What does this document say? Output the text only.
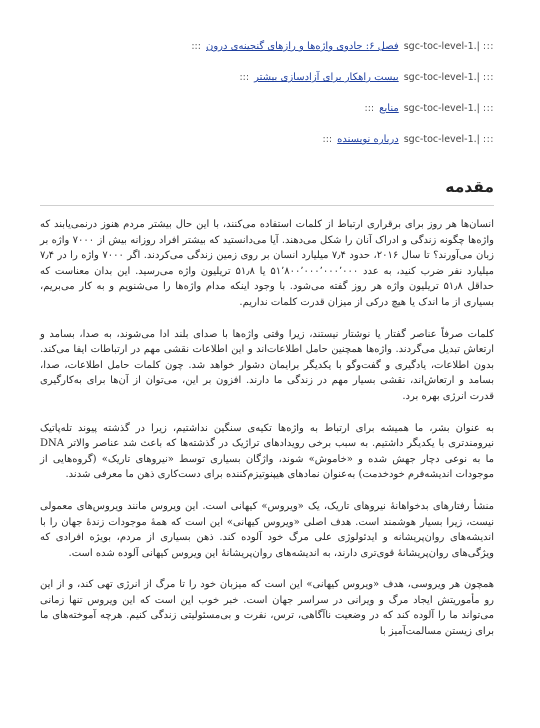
::: |.sgc-toc-level-1 فصل ۶: جادوی واژه‌ها و رازهای گنجینه‌ی درون :::
::: |.sgc-toc-level-1 بیست راهکار برای آزادسازی بیشتر :::
::: |.sgc-toc-level-1 منابع :::
::: |.sgc-toc-level-1 درباره نویسنده :::
مقدمه

انسان‌ها هر روز برای برقراری ارتباط از کلمات استفاده می‌کنند، با این حال بیشتر مردم هنوز درنمی‌یابند که واژه‌ها چگونه زندگی و ادراک آنان را شکل می‌دهند. آیا می‌دانستید که بیشتر افراد روزانه بیش از ۷۰۰۰ واژه بر زبان می‌آورند؟ تا سال ۲۰۱۶، حدود ۷٫۴ میلیارد انسان بر روی زمین زندگی می‌کردند. اگر ۷۰۰۰ واژه را در ۷٫۴ میلیارد نفر ضرب کنید، به عدد ۵۱٬۸۰۰٬۰۰۰٬۰۰۰٬۰۰۰ یا ۵۱٫۸ تریلیون واژه می‌رسید. این بدان معناست که حداقل ۵۱٫۸ تریلیون واژه هر روز گفته می‌شود. با وجود اینکه مدام واژه‌ها را می‌شنویم و به کار می‌بریم، بسیاری از ما اندک یا هیچ درکی از میزان قدرت کلمات نداریم.

کلمات صرفاً عناصر گفتار یا نوشتار نیستند، زیرا وقتی واژه‌ها با صدای بلند ادا می‌شوند، به صدا، بسامد و ارتعاش تبدیل می‌گردند. واژه‌ها همچنین حامل اطلاعات‌اند و این اطلاعات نقشی مهم در ارتباطات ایفا می‌کند. بدون اطلاعات، یادگیری و گفت‌وگو با یکدیگر برایمان دشوار خواهد شد. چون کلمات حامل اطلاعات، صدا، بسامد و ارتعاش‌اند، نقشی بسیار مهم در زندگی ما دارند. افزون بر این، می‌توان از آن‌ها برای به‌کارگیری قدرت انرژی بهره برد.

به عنوان بشر، ما همیشه برای ارتباط به واژه‌ها تکیه‌ی سنگین نداشتیم، زیرا در گذشته پیوند تله‌پاتیک نیرومندتری با یکدیگر داشتیم. به سبب برخی رویدادهای تراژیک در گذشته‌ها که باعث شد عناصر والاتر DNA ما به نوعی دچار جهش شده و «خاموش» شوند، واژگان بسیاری توسط «نیروهای تاریک» (گروه‌هایی از موجودات اندیشه‌فرم خودخدمت) به‌عنوان نمادهای هیپنوتیزم‌کننده برای دست‌کاری ذهن ما معرفی شدند.

منشأ رفتارهای بدخواهانهٔ نیروهای تاریک، یک «ویروس» کیهانی است. این ویروس مانند ویروس‌های معمولی نیست، زیرا بسیار هوشمند است. هدف اصلی «ویروس کیهانی» این است که همهٔ موجودات زندهٔ جهان را با اندیشه‌های روان‌پریشانه و ایدئولوژی علی مرگ خود آلوده کند. ذهن بسیاری از مردم، بویژه افرادی که ویژگی‌های روان‌پریشانهٔ قوی‌تری دارند، به اندیشه‌های روان‌پریشانهٔ این ویروس کیهانی آلوده شده است.

همچون هر ویروسی، هدف «ویروس کیهانی» این است که میزبان خود را تا مرگ از انرژی تهی کند، و از این رو مأموریتش ایجاد مرگ و ویرانی در سراسر جهان است. خبر خوب این است که این ویروس تنها زمانی می‌تواند ما را آلوده کند که در وضعیت ناآگاهی، ترس، نفرت و بی‌مسئولیتی زندگی کنیم. هرچه آموخته‌های ما برای زیستن مسالمت‌آمیز با
